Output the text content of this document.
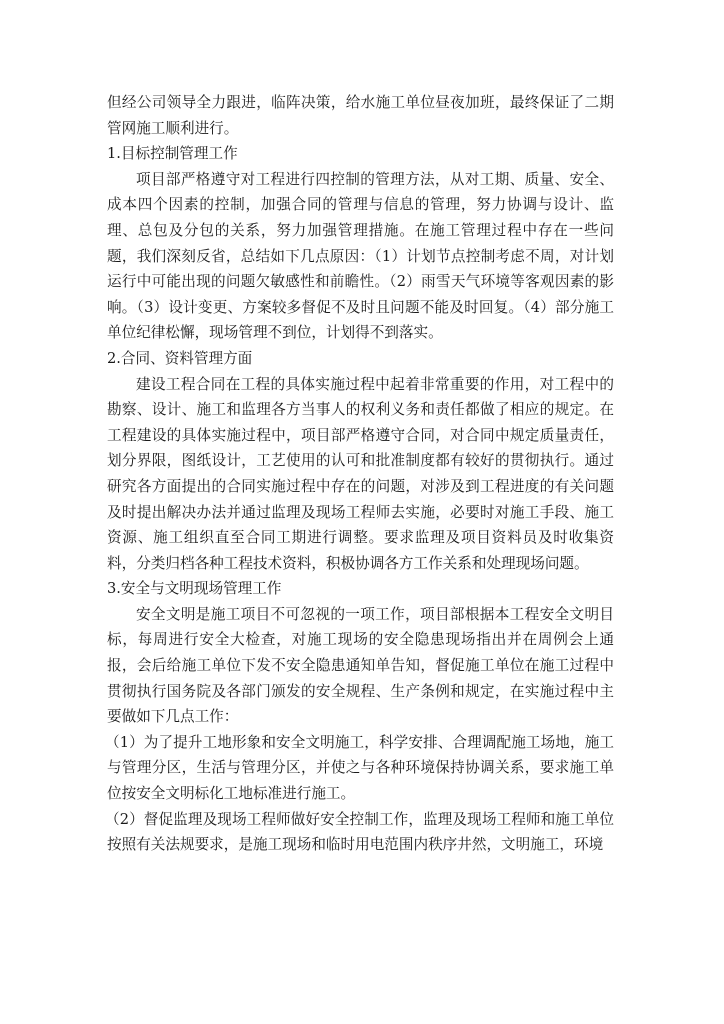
但经公司领导全力跟进，临阵决策，给水施工单位昼夜加班，最终保证了二期管网施工顺利进行。

1.目标控制管理工作

项目部严格遵守对工程进行四控制的管理方法，从对工期、质量、安全、成本四个因素的控制，加强合同的管理与信息的管理，努力协调与设计、监理、总包及分包的关系，努力加强管理措施。在施工管理过程中存在一些问题，我们深刻反省，总结如下几点原因：（1）计划节点控制考虑不周，对计划运行中可能出现的问题欠敏感性和前瞻性。（2）雨雪天气环境等客观因素的影响。（3）设计变更、方案较多督促不及时且问题不能及时回复。（4）部分施工单位纪律松懈，现场管理不到位，计划得不到落实。

2.合同、资料管理方面

建设工程合同在工程的具体实施过程中起着非常重要的作用，对工程中的勘察、设计、施工和监理各方当事人的权利义务和责任都做了相应的规定。在工程建设的具体实施过程中，项目部严格遵守合同，对合同中规定质量责任，划分界限，图纸设计，工艺使用的认可和批准制度都有较好的贯彻执行。通过研究各方面提出的合同实施过程中存在的问题，对涉及到工程进度的有关问题及时提出解决办法并通过监理及现场工程师去实施，必要时对施工手段、施工资源、施工组织直至合同工期进行调整。要求监理及项目资料员及时收集资料，分类归档各种工程技术资料，积极协调各方工作关系和处理现场问题。

3.安全与文明现场管理工作

安全文明是施工项目不可忽视的一项工作，项目部根据本工程安全文明目标，每周进行安全大检查，对施工现场的安全隐患现场指出并在周例会上通报，会后给施工单位下发不安全隐患通知单告知，督促施工单位在施工过程中贯彻执行国务院及各部门颁发的安全规程、生产条例和规定，在实施过程中主要做如下几点工作：

（1）为了提升工地形象和安全文明施工，科学安排、合理调配施工场地，施工与管理分区，生活与管理分区，并使之与各种环境保持协调关系，要求施工单位按安全文明标化工地标准进行施工。

（2）督促监理及现场工程师做好安全控制工作，监理及现场工程师和施工单位按照有关法规要求，是施工现场和临时用电范围内秩序井然，文明施工，环境
